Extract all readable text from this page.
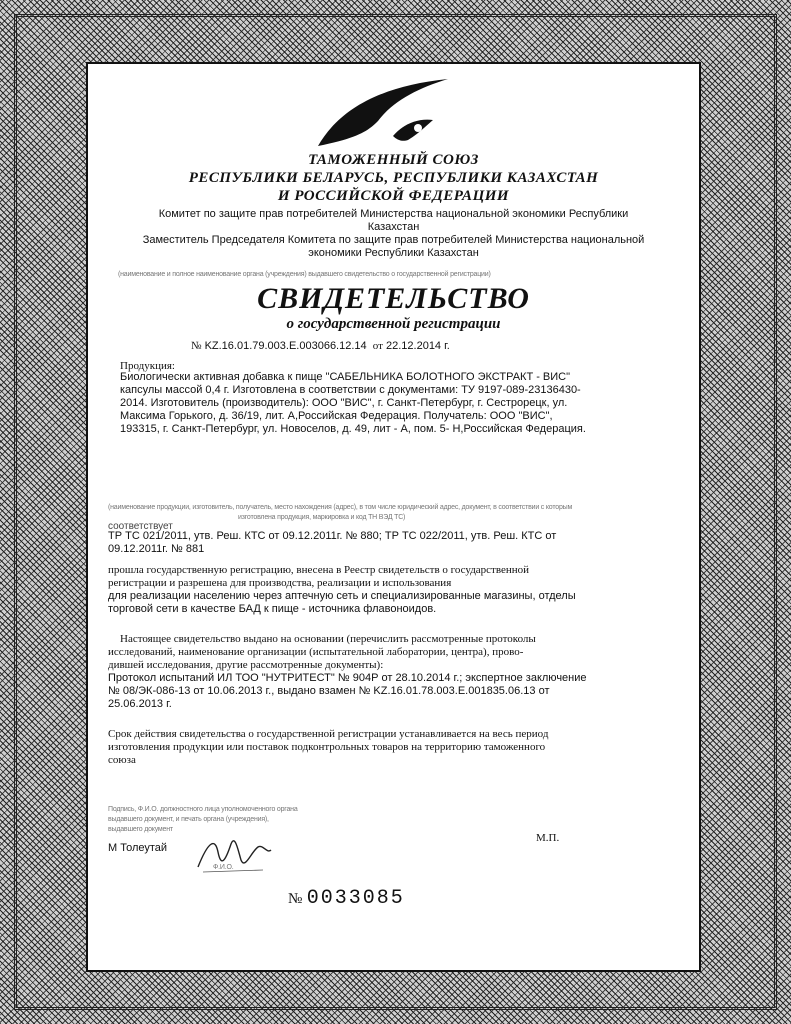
ТАМОЖЕННЫЙ СОЮЗ
РЕСПУБЛИКИ БЕЛАРУСЬ, РЕСПУБЛИКИ КАЗАХСТАН
И РОССИЙСКОЙ ФЕДЕРАЦИИ
Комитет по защите прав потребителей Министерства национальной экономики Республики
Казахстан
Заместитель Председателя Комитета по защите прав потребителей Министерства национальной
экономики Республики Казахстан
(наименование и полное наименование органа (учреждения) выдавшего свидетельство о государственной регистрации)
СВИДЕТЕЛЬСТВО
о государственной регистрации
№ KZ.16.01.79.003.Е.003066.12.14 от 22.12.2014 г.
Продукция:
Биологически активная добавка к пище "САБЕЛЬНИКА БОЛОТНОГО ЭКСТРАКТ - ВИС"
капсулы массой 0,4 г. Изготовлена в соответствии с документами: ТУ 9197-089-23136430-
2014. Изготовитель (производитель): ООО "ВИС", г. Санкт-Петербург, г. Сестрорецк, ул.
Максима Горького, д. 36/19, лит. А,Российская Федерация. Получатель: ООО "ВИС",
193315, г. Санкт-Петербург, ул. Новоселов, д. 49, лит - А, пом. 5- Н,Российская Федерация.
(наименование продукции, изготовитель, получатель, место нахождения (адрес), в том числе юридический адрес, документ, в соответствии с которым
изготовлена продукция, маркировка и код ТН ВЭД ТС)
соответствует
ТР ТС 021/2011, утв. Реш. КТС от 09.12.2011г. № 880; ТР ТС 022/2011, утв. Реш. КТС от
09.12.2011г. № 881
прошла государственную регистрацию, внесена в Реестр свидетельств о государственной
регистрации и разрешена для производства, реализации и использования
для реализации населению через аптечную сеть и специализированные магазины, отделы
торговой сети в качестве БАД к пище - источника флавоноидов.
Настоящее свидетельство выдано на основании (перечислить рассмотренные протоколы
исследований, наименование организации (испытательной лаборатории, центра), прово-
дившей исследования, другие рассмотренные документы):
Протокол испытаний ИЛ ТОО "НУТРИТЕСТ" № 904Р от 28.10.2014 г.; экспертное заключение
№ 08/ЭК-086-13 от 10.06.2013 г., выдано взамен № KZ.16.01.78.003.Е.001835.06.13 от
25.06.2013 г.
Срок действия свидетельства о государственной регистрации устанавливается на весь период
изготовления продукции или поставок подконтрольных товаров на территорию таможенного
союза
Подпись, Ф.И.О. должностного лица уполномоченного органа
выдавшего документ, и печать органа (учреждения),
выдавшего документ
М.П.
М Толеутай
Ф.И.О.
№ 0033085
